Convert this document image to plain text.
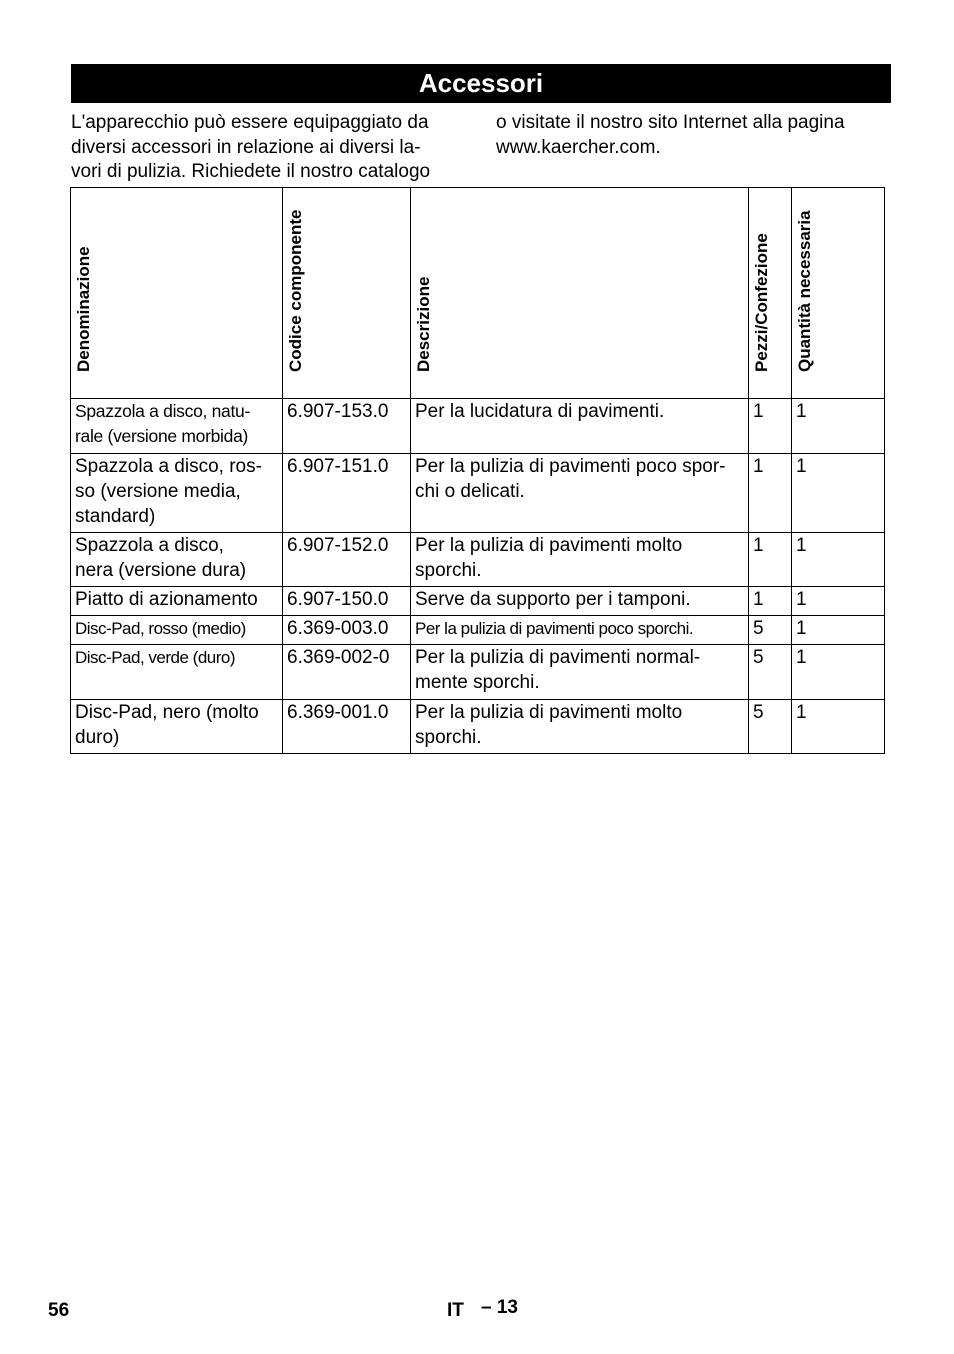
Accessori
L'apparecchio può essere equipaggiato da
diversi accessori in relazione ai diversi la-
vori di pulizia. Richiedete il nostro catalogo
o visitate il nostro sito Internet alla pagina
www.kaercher.com.
Denominazione	Codice componente	Descrizione	Pezzi/Confezione	Quantità necessaria

Spazzola a disco, natu-
rale (versione morbida)	6.907-153.0	Per la lucidatura di pavimenti.	1	1

Spazzola a disco, ros-
so (versione media,
standard)	6.907-151.0	Per la pulizia di pavimenti poco spor-
chi o delicati.	1	1

Spazzola a disco,
nera (versione dura)	6.907-152.0	Per la pulizia di pavimenti molto
sporchi.	1	1

Piatto di azionamento	6.907-150.0	Serve da supporto per i tamponi.	1	1

Disc-Pad, rosso (medio)	6.369-003.0	Per la pulizia di pavimenti poco sporchi.	5	1

Disc-Pad, verde (duro)	6.369-002-0	Per la pulizia di pavimenti normal-
mente sporchi.	5	1

Disc-Pad, nero (molto
duro)	6.369-001.0	Per la pulizia di pavimenti molto
sporchi.	5	1
56	IT – 13
